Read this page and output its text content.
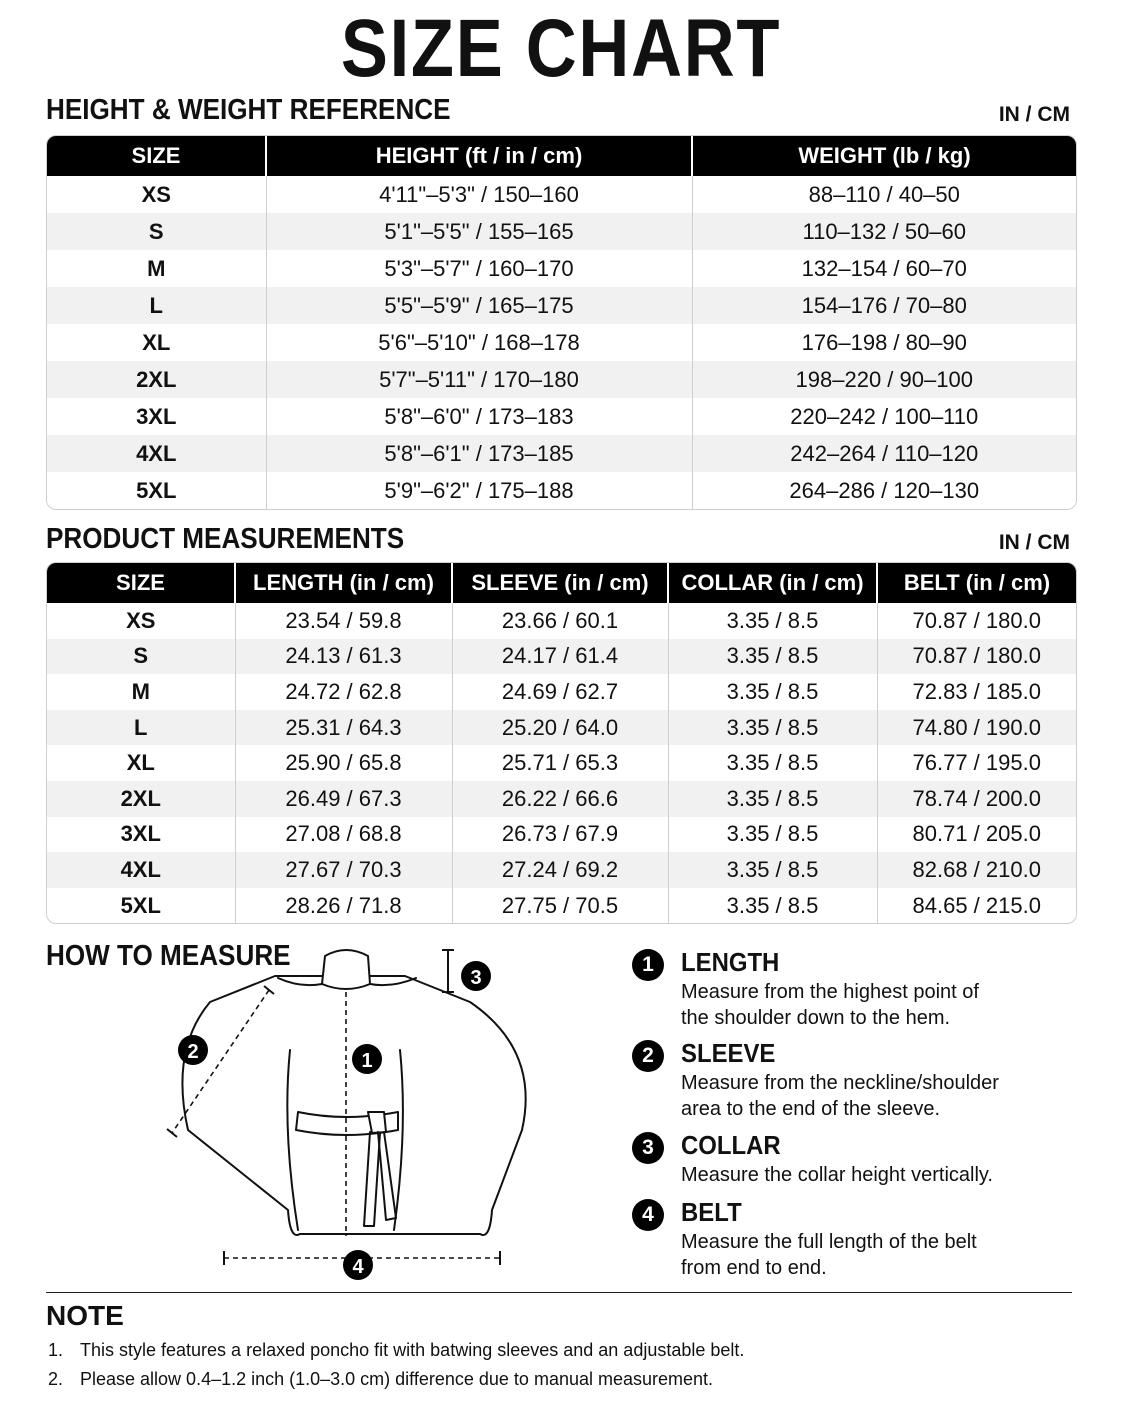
SIZE CHART
HEIGHT & WEIGHT REFERENCE	IN / CM
SIZE	HEIGHT (ft / in / cm)	WEIGHT (lb / kg)
XS	4'11"–5'3" / 150–160	88–110 / 40–50
S	5'1"–5'5" / 155–165	110–132 / 50–60
M	5'3"–5'7" / 160–170	132–154 / 60–70
L	5'5"–5'9" / 165–175	154–176 / 70–80
XL	5'6"–5'10" / 168–178	176–198 / 80–90
2XL	5'7"–5'11" / 170–180	198–220 / 90–100
3XL	5'8"–6'0" / 173–183	220–242 / 100–110
4XL	5'8"–6'1" / 173–185	242–264 / 110–120
5XL	5'9"–6'2" / 175–188	264–286 / 120–130
PRODUCT MEASUREMENTS	IN / CM
SIZE	LENGTH (in / cm)	SLEEVE (in / cm)	COLLAR (in / cm)	BELT (in / cm)
XS	23.54 / 59.8	23.66 / 60.1	3.35 / 8.5	70.87 / 180.0
S	24.13 / 61.3	24.17 / 61.4	3.35 / 8.5	70.87 / 180.0
M	24.72 / 62.8	24.69 / 62.7	3.35 / 8.5	72.83 / 185.0
L	25.31 / 64.3	25.20 / 64.0	3.35 / 8.5	74.80 / 190.0
XL	25.90 / 65.8	25.71 / 65.3	3.35 / 8.5	76.77 / 195.0
2XL	26.49 / 67.3	26.22 / 66.6	3.35 / 8.5	78.74 / 200.0
3XL	27.08 / 68.8	26.73 / 67.9	3.35 / 8.5	80.71 / 205.0
4XL	27.67 / 70.3	27.24 / 69.2	3.35 / 8.5	82.68 / 210.0
5XL	28.26 / 71.8	27.75 / 70.5	3.35 / 8.5	84.65 / 215.0
HOW TO MEASURE
1
2
3
4
1	LENGTH
Measure from the highest point of
the shoulder down to the hem.
2	SLEEVE
Measure from the neckline/shoulder
area to the end of the sleeve.
3	COLLAR
Measure the collar height vertically.
4	BELT
Measure the full length of the belt
from end to end.
NOTE
1. This style features a relaxed poncho fit with batwing sleeves and an adjustable belt.
2. Please allow 0.4–1.2 inch (1.0–3.0 cm) difference due to manual measurement.
